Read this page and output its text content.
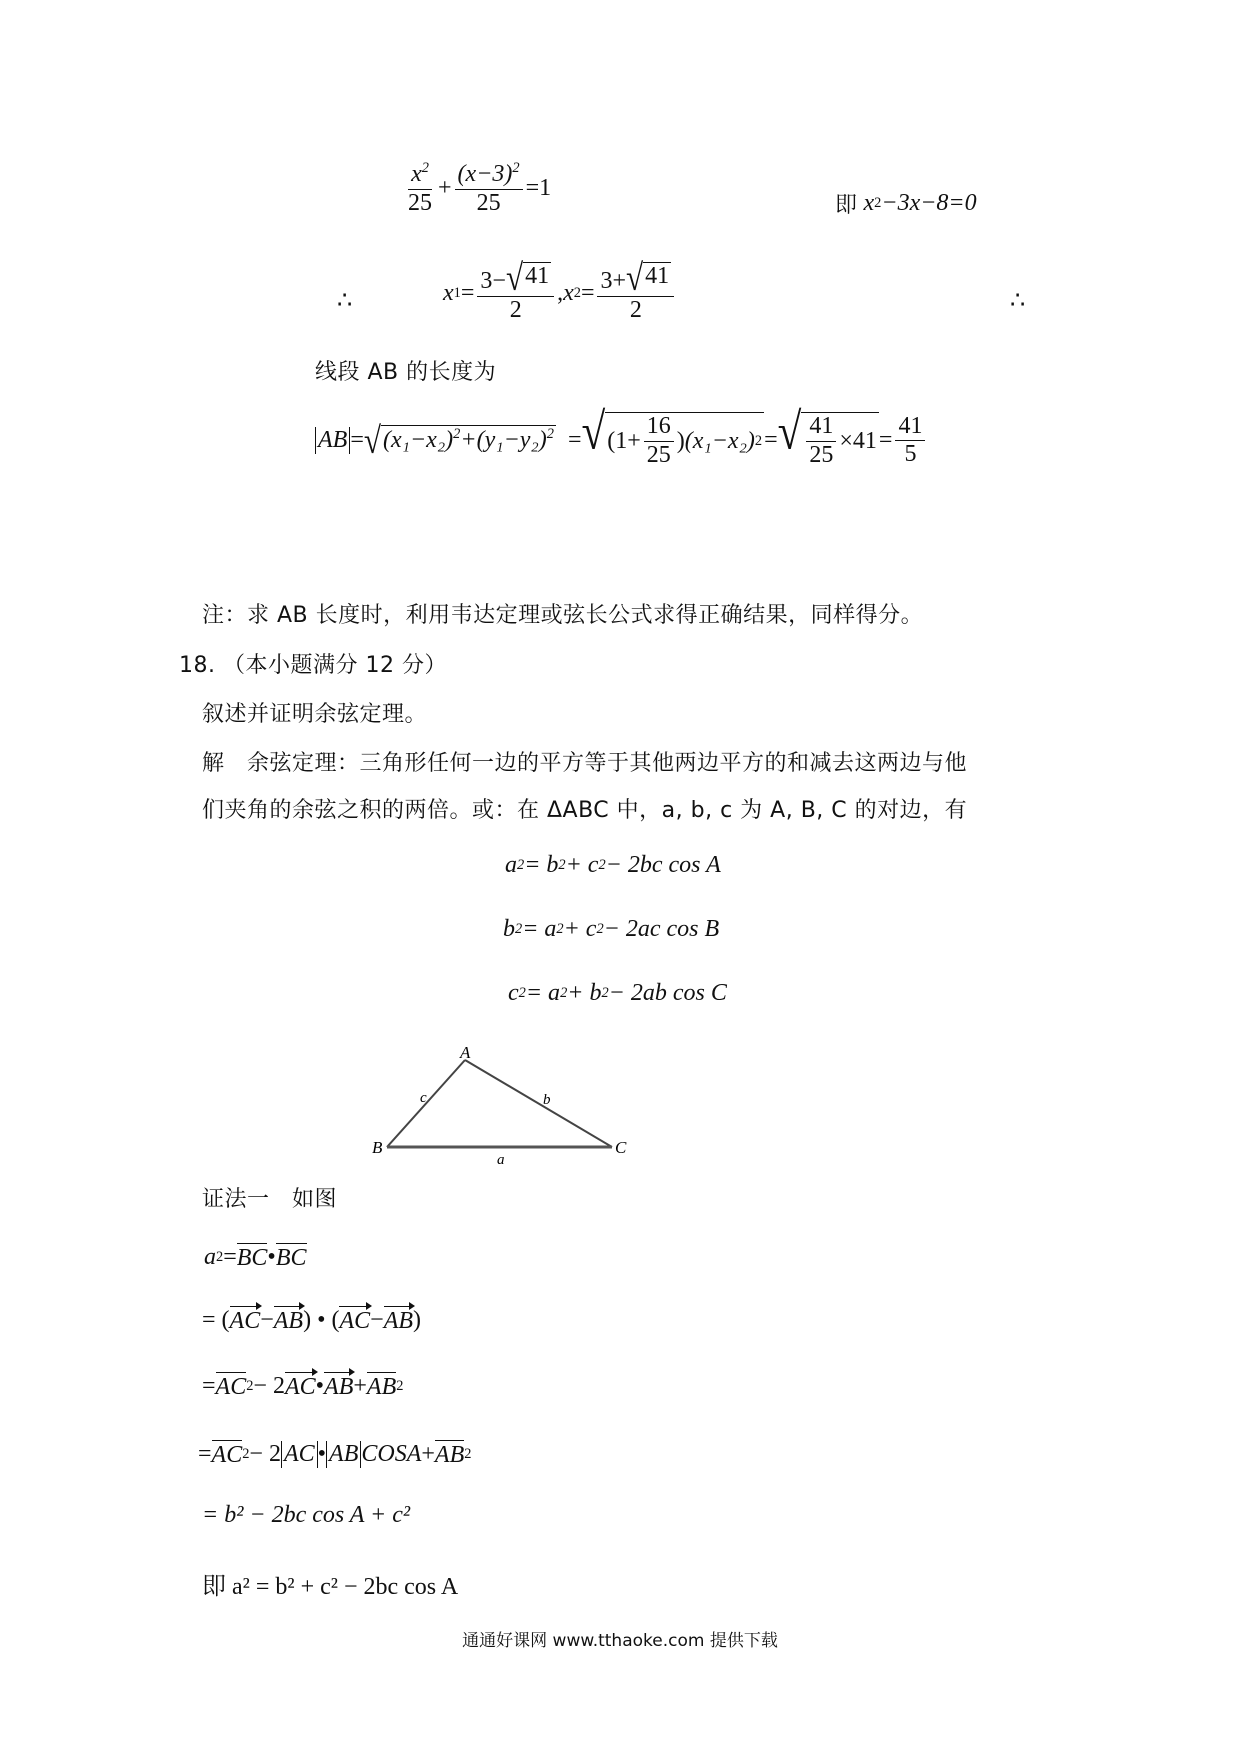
$\frac{x^2}{25} + \frac{(x-3)^2}{25} =1$
即
x 2 −3x−8=0
∴	∴
x $1 = \frac{3- √ 41}{2}$ , x $2 = \frac{3+ √ 41}{2}$
线段 AB 的长度为
AB = √ $(x_1-x_2)^2+(y_1-y_2)^2$
= √ ($1+ \frac{16}{25}$ ) (x₁−x₂) 2 = √ $\frac{41}{25} \times 41 = \frac{41}{5}$
注：求 AB 长度时，利用韦达定理或弦长公式求得正确结果，同样得分。
18. （本小题满分 12 分）
叙述并证明余弦定理。
解　余弦定理：三角形任何一边的平方等于其他两边平方的和减去这两边与他
们夹角的余弦之积的两倍。或：在 ΔABC 中，a, b, c 为 A, B, C 的对边，有
a 2 = b 2 + c 2 − 2bc cos A
b 2 = a 2 + c 2 − 2ac cos B
c 2 = a 2 + b 2 − 2ab cos C
A
B	C
a
b
c
证法一　如图
a 2 = BC • BC
= ( AC − AB ) • ( AC − AB )
= AC 2 − 2 AC • AB + AB 2
= AC 2 − 2 AC • AB COSA + AB 2
= b² − 2bc cos A + c²
即 a² = b² + c² − 2bc cos A
通通好课网 www.tthaoke.com 提供下载
